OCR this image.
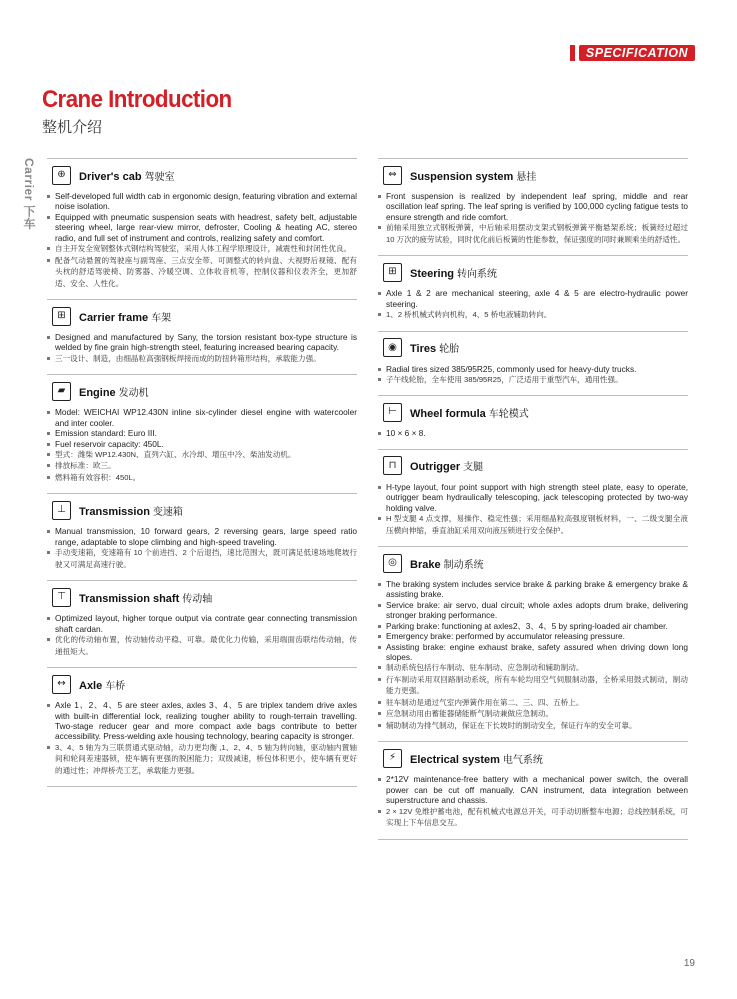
SPECIFICATION
Crane Introduction
整机介绍
Carrier 下车	⊕	Driver's cab 驾驶室
Self-developed full width cab in ergonomic design, featuring vibration and external noise isolation.
Equipped with pneumatic suspension seats with headrest, safety belt, adjustable steering wheel, large rear-view mirror, defroster, Cooling & heating AC, stereo radio, and full set of instrument and controls, realizing safety and comfort.
自主开发全宽钢整体式钢结构驾驶室，采用人体工程学原理设计，减震性和封闭性优良。
配备气动悬置的驾驶座与副驾座、三点安全带、可调整式的转向盘、大视野后视镜、配有头枕的舒适驾驶椅、防雾器、冷暖空调、立体收音机等，控制仪器和仪表齐全，更加舒适、安全、人性化。
⊞	Carrier frame 车架
Designed and manufactured by Sany, the torsion resistant box-type structure is welded by fine grain high-strength steel, featuring increased bearing capacity.
三一设计、制造，由细晶粒高强钢板焊接而成的防扭转箱形结构，承载能力强。
▰	Engine 发动机
Model: WEICHAI WP12.430N inline six-cylinder diesel engine with watercooler and inter cooler.
Emission standard: Euro III.
Fuel reservoir capacity: 450L.
型式：潍柴 WP12.430N、直列六缸、水冷却、增压中冷、柴油发动机。
排放标准：欧三。
燃料箱有效容积：450L。
⊥	Transmission 变速箱
Manual transmission, 10 forward gears, 2 reversing gears, large speed ratio range, adaptable to slope climbing and high-speed traveling.
手动变速箱，变速箱有 10 个前进挡、2 个后退挡，速比范围大，既可满足低速场地爬坡行驶又可满足高速行驶。
⊤	Transmission shaft 传动轴
Optimized layout, higher torque output via contrate gear connecting transmission shaft cardan.
优化的传动轴布置，传动轴传动平稳、可靠。最优化力传输，采用端面齿联结传动轴，传递扭矩大。
↔	Axle 车桥
Axle 1、2、4、5 are steer axles, axles 3、4、5 are triplex tandem drive axles with built-in differential lock, realizing tougher ability to rough-terrain travelling. Two-stage reducer gear and more compact axle bags contribute to better accessibility. Press-welding axle housing technology, bearing capacity is stronger.
3、4、5 轴为为三联贯通式驱动轴，动力更均衡 ,1、2、4、5 轴为转向轴，驱动轴内置轴间和轮间差速器锁，使车辆有更强的脱困能力；双级减速，桥包体积更小，使车辆有更好的通过性；冲焊桥壳工艺，承载能力更强。
⇔	Suspension system 悬挂
Front suspension is realized by independent leaf spring, middle and rear oscillation leaf spring. The leaf spring is verified by 100,000 cycling fatigue tests to ensure strength and ride comfort.
前轴采用独立式钢板弹簧，中后轴采用摆动支架式钢板弹簧平衡悬架系统；板簧经过超过 10 万次的疲劳试验，同时优化前后板簧的性能参数，保证强度的同时兼顾乘坐的舒适性。
⊞	Steering 转向系统
Axle 1 & 2 are mechanical steering, axle 4 & 5 are electro-hydraulic power steering.
1、2 桥机械式转向机构，4、5 桥电液辅助转向。
◉	Tires 轮胎
Radial tires sized 385/95R25, commonly used for heavy-duty trucks.
子午线轮胎，全车使用 385/95R25，广泛适用于重型汽车，通用性强。
⊢	Wheel formula 车轮模式
10 × 6 × 8.
⊓	Outrigger 支腿
H-type layout, four point support with high strength steel plate, easy to operate, outrigger beam hydraulically telescoping, jack telescoping protected by two-way holding valve.
H 型支腿 4 点支撑，易操作、稳定性强；采用细晶粒高强度钢板材料，一、二级支腿全液压横向伸缩，垂直油缸采用双向液压锁进行安全保护。
◎	Brake 制动系统
The braking system includes service brake & parking brake & emergency brake & assisting brake.
Service brake: air servo, dual circuit; whole axles adopts drum brake, delivering stronger braking performance.
Parking brake: functioning at axles2、3、4、5 by spring-loaded air chamber.
Emergency brake: performed by accumulator releasing pressure.
Assisting brake: engine exhaust brake, safety assured when driving down long slopes.
制动系统包括行车制动、驻车制动、应急制动和辅助制动。
行车制动采用双回路制动系统，所有车轮均用空气伺服制动器，全桥采用鼓式制动，制动能力更强。
驻车制动是通过气室内弹簧作用在第二、三、四、五桥上。
应急制动用由蓄能器储能断气制动兼做应急制动。
辅助制动为排气制动，保证在下长坡时的制动安全，保证行车的安全可靠。
⚡	Electrical system 电气系统
2*12V maintenance-free battery with a mechanical power switch, the overall power can be cut off manually. CAN instrument, data integration between superstructure and chassis.
2 × 12V 免维护蓄电池，配有机械式电源总开关，可手动切断整车电源；总线控制系统，可实现上下车信息交互。
19
